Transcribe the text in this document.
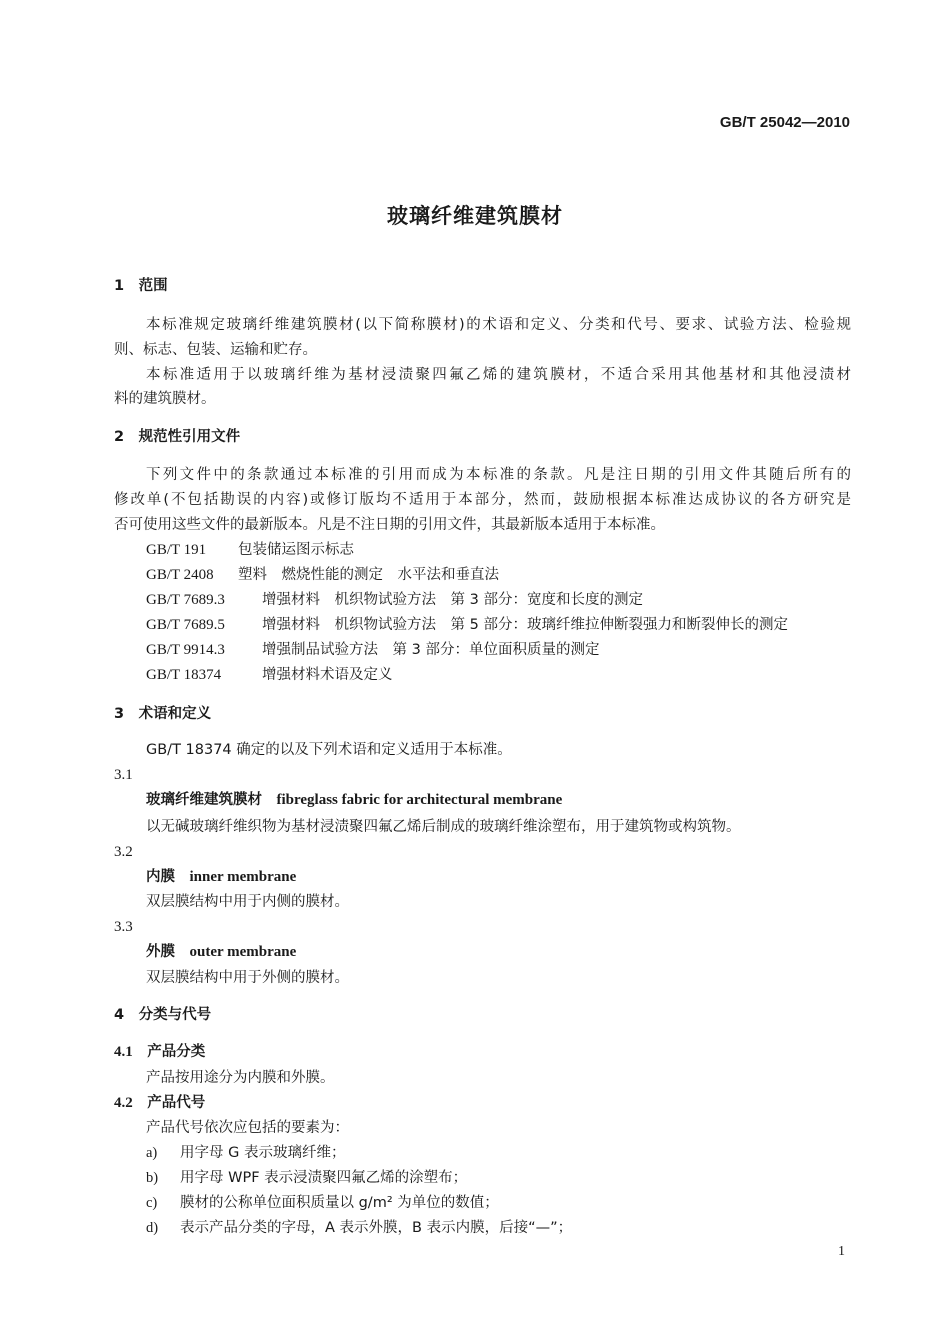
GB/T 25042—2010
玻璃纤维建筑膜材
1　 范围
本标准规定玻璃纤维建筑膜材(以下简称膜材)的术语和定义、分类和代号、要求、试验方法、检验规
则、标志、包装、运输和贮存。
本标准适用于以玻璃纤维为基材浸渍聚四氟乙烯的建筑膜材，不适合采用其他基材和其他浸渍材
料的建筑膜材。
2　 规范性引用文件
下列文件中的条款通过本标准的引用而成为本标准的条款。凡是注日期的引用文件其随后所有的
修改单(不包括勘误的内容)或修订版均不适用于本部分，然而，鼓励根据本标准达成协议的各方研究是
否可使用这些文件的最新版本。凡是不注日期的引用文件，其最新版本适用于本标准。
GB/T 191 包装储运图示标志
GB/T 2408 塑料　燃烧性能的测定　水平法和垂直法
GB/T 7689.3	增强材料　机织物试验方法　第 3 部分：宽度和长度的测定
GB/T 7689.5	增强材料　机织物试验方法　第 5 部分：玻璃纤维拉伸断裂强力和断裂伸长的测定
GB/T 9914.3	增强制品试验方法　第 3 部分：单位面积质量的测定
GB/T 18374	增强材料术语及定义
3　 术语和定义
GB/T 18374 确定的以及下列术语和定义适用于本标准。
3.1
玻璃纤维建筑膜材　 fibreglass fabric for architectural membrane
以无碱玻璃纤维织物为基材浸渍聚四氟乙烯后制成的玻璃纤维涂塑布，用于建筑物或构筑物。
3.2
内膜　 inner membrane
双层膜结构中用于内侧的膜材。
3.3
外膜　 outer membrane
双层膜结构中用于外侧的膜材。
4　 分类与代号
4.1　 产品分类
产品按用途分为内膜和外膜。
4.2　 产品代号
产品代号依次应包括的要素为：
a) 用字母 G 表示玻璃纤维；
b) 用字母 WPF 表示浸渍聚四氟乙烯的涂塑布；
c) 膜材的公称单位面积质量以 g/m² 为单位的数值；
d) 表示产品分类的字母，A 表示外膜，B 表示内膜，后接“—”；
1
